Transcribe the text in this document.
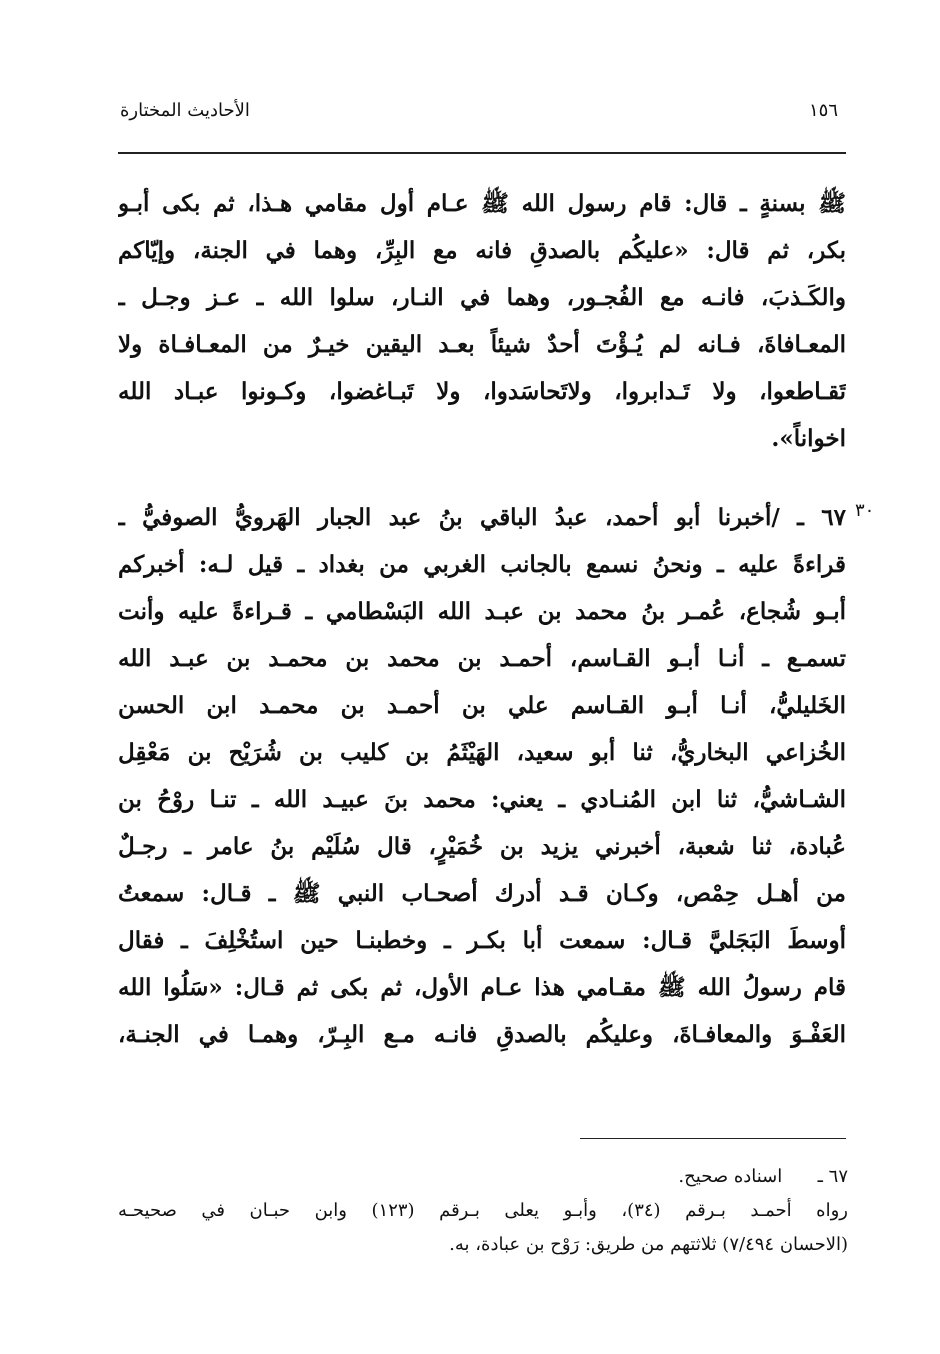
١٥٦
الأحاديث المختارة
ﷺ بسنةٍ ـ قال: قام رسول الله ﷺ عـام أول مقامي هـذا، ثم بكى أبـو
بكر، ثم قال: «عليكُم بالصدقِ فانه مع البِرِّ، وهما في الجنة، وإيّاكم
والكَـذبَ، فانـه مع الفُجـور، وهما في النـار، سلوا الله ـ عـز وجـل ـ
المعـافاةَ، فـانه لم يُـؤْتَ أحدٌ شيئاً بعـد اليقين خيـرٌ من المعـافـاة ولا
تَقـاطعوا، ولا تَـدابروا، ولاتَحاسَدوا، ولا تَبـاغضوا، وكـونوا عبـاد الله
اخواناً».
٣٠
٦٧ ـ /أخبرنا أبو أحمد، عبدُ الباقي بنُ عبد الجبار الهَرويُّ الصوفيُّ ـ
قراءةً عليه ـ ونحنُ نسمع بالجانب الغربي من بغداد ـ قيل لـه: أخبركم
أبـو شُجاع، عُمـر بنُ محمد بن عبـد الله البَسْطامي ـ قـراءةً عليه وأنت
تسمـع ـ أنـا أبـو القـاسم، أحمـد بن محمد بن محمـد بن عبـد الله
الخَليليُّ، أنـا أبـو القـاسم علي بن أحمـد بن محمـد ابن الحسن
الخُزاعي البخاريُّ، ثنا أبو سعيد، الهَيْثَمُ بن كليب بن شُرَيْح بن مَعْقِل
الشـاشيُّ، ثنا ابن المُنـادي ـ يعني: محمد بنَ عبيـد الله ـ تنـا روْحُ بن
عُبادة، ثنا شعبة، أخبرني يزيد بن خُمَيْرٍ، قال سُلَيْم بنُ عامر ـ رجـلٌ
من أهـل حِمْص، وكـان قـد أدرك أصحـاب النبي ﷺ ـ قـال: سمعتُ
أوسطَ البَجَليَّ قـال: سمعت أبا بكـر ـ وخطبنـا حين استُخْلِفَ ـ فقال
قام رسولُ الله ﷺ مقـامي هذا عـام الأول، ثم بكى ثم قـال: «سَلُوا الله
العَفْـوَ والمعافـاةَ، وعليكُم بالصدقِ فانـه مـع البِـرّ، وهمـا في الجنـة،
٦٧ ـ اسناده صحيح.
رواه أحمـد بـرقم (٣٤)، وأبـو يعلى بـرقم (١٢٣) وابن حبـان في صحيحـه
(الاحسان ٧/٤٩٤) ثلاثتهم من طريق: رَوْح بن عبادة، به.
